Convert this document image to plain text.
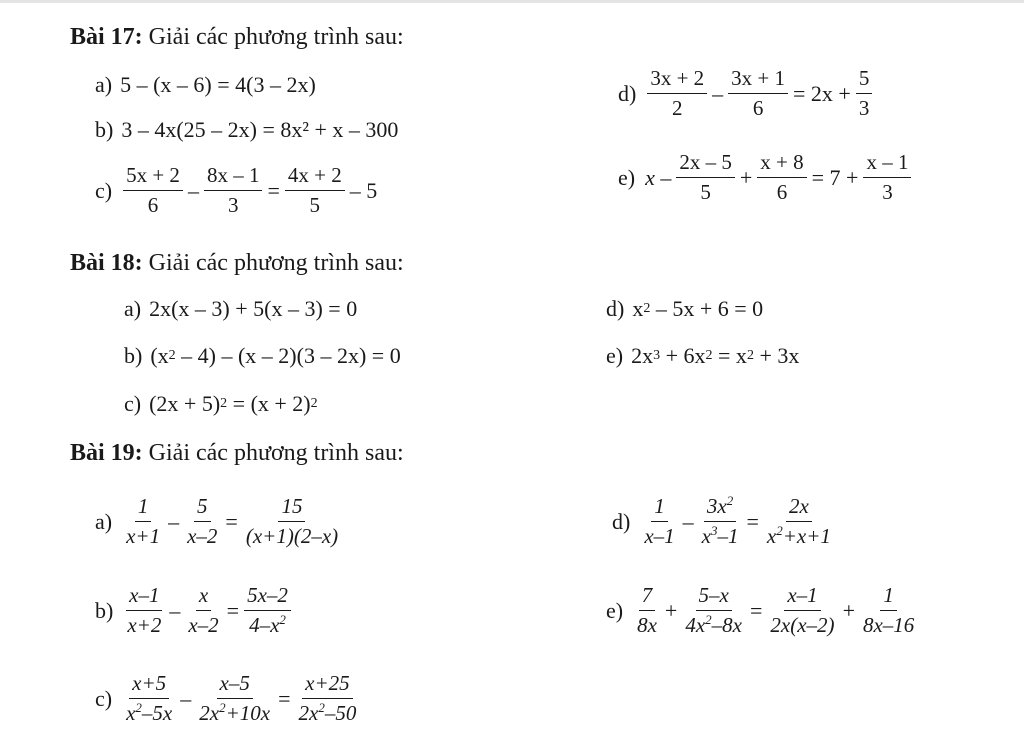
Bài 17: Giải các phương trình sau:
a) 5 – (x – 6) = 4(3 – 2x)
b) 3 – 4x(25 – 2x) = 8x² + x – 300
c)
5x + 2
6
– $\frac{8x - 1}{3} = \frac{4x + 2}{5} - 5$
d)
3x + 2
2
– $\frac{3x + 1}{6} = 2x + \frac{5}{3}$
e) x –
2x – 5
5
+ $\frac{x + 8}{6} = 7 + \frac{x - 1}{3}$
Bài 18: Giải các phương trình sau:
a) 2x(x – 3) + 5(x – 3) = 0
b) (x 2
– 4) – (x – 2)(3 – 2x) = 0
c) (2x + 5) 2
= (x + 2) 2
d) x 2
– 5x + 6 = 0
e) 2x 3
+ 6x 2
= x 2
+ 3x
Bài 19: Giải các phương trình sau:
a)
1
x+1
– $\frac{5}{x-2} = \frac{15}{(x+1)(2-x)}$
b)
x–1
x+2
– $\frac{x}{x-2} = \frac{5x-2}{4-x^2}$
c)
x+5
$x^2-5x$
– $\frac{x-5}{2x^2+10x} = \frac{x+25}{2x^2-50}$
d)
1
x–1
– $\frac{3x^2}{x^3-1} = \frac{2x}{x^2+x+1}$
e)
7
8x
+ $\frac{5-x}{4x^2-8x} = \frac{x-1}{2x(x-2)} + \frac{1}{8x-16}$
